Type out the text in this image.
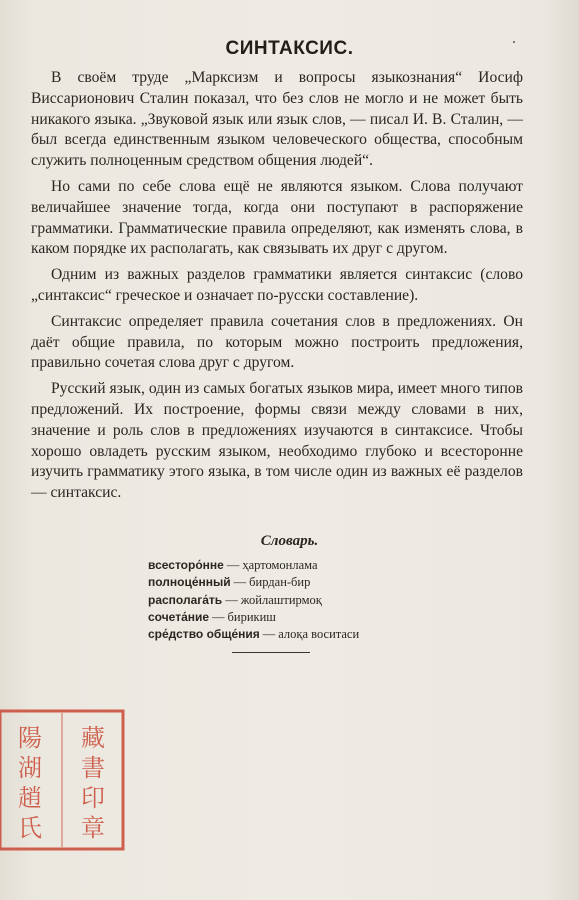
СИНТАКСИС.

В своём труде „Марксизм и вопросы языкознания“ Иосиф Виссарионович Сталин показал, что без слов не могло и не может быть никакого языка. „Звуковой язык или язык слов, — писал И. В. Сталин, — был всегда единственным языком человеческого общества, способным служить полноценным средством общения людей“.

Но сами по себе слова ещё не являются языком. Слова получают величайшее значение тогда, когда они поступают в распоряжение грамматики. Грамматические правила определяют, как изменять слова, в каком порядке их располагать, как связывать их друг с другом.

Одним из важных разделов грамматики является синтаксис (слово „синтаксис“ греческое и означает по-русски составление).

Синтаксис определяет правила сочетания слов в предложениях. Он даёт общие правила, по которым можно построить предложения, правильно сочетая слова друг с другом.

Русский язык, один из самых богатых языков мира, имеет много типов предложений. Их построение, формы связи между словами в них, значение и роль слов в предложениях изучаются в синтаксисе. Чтобы хорошо овладеть русским языком, необходимо глубоко и всесторонне изучить грамматику этого языка, в том числе один из важных её разделов — синтаксис.

Словарь.
всесторо́нне — ҳартомонлама
полноце́нный — бирдан-бир
располага́ть — жойлаштирмоқ
сочета́ние — бирикиш
сре́дство обще́ния — алоқа воситаси
陽
湖
趙
氏
藏
書
印
章
